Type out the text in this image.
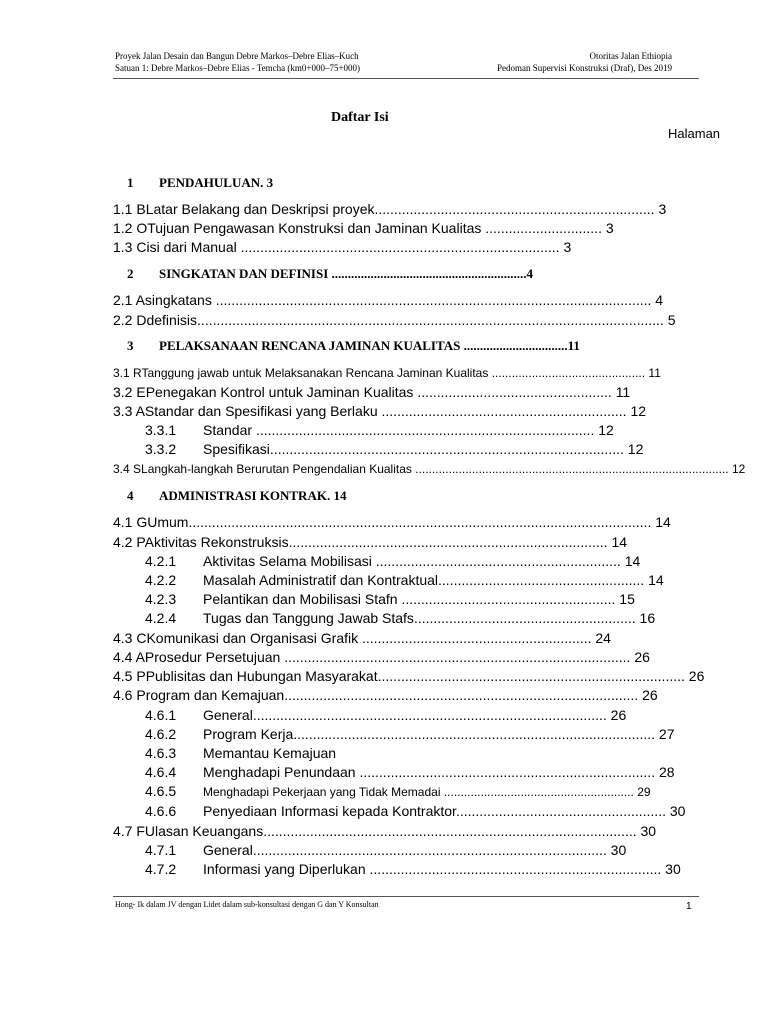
Proyek Jalan Desain dan Bangun Debre Markos–Debre Elias–Kuch
Satuan 1: Debre Markos–Debre Elias - Temcha (km0+000–75+000)
Otoritas Jalan Ethiopia
Pedoman Supervisi Konstruksi (Draf), Des 2019
Daftar Isi
Halaman
1 PENDAHULUAN. 3
1.1 BLatar Belakang dan Deskripsi proyek........................................................................ 3
1.2 OTujuan Pengawasan Konstruksi dan Jaminan Kualitas .............................. 3
1.3 Cisi dari Manual .................................................................................. 3
2 SINGKATAN DAN DEFINISI ............................................................4
2.1 Asingkatans ................................................................................................................ 4
2.2 Ddefinisis........................................................................................................................ 5
3 PELAKSANAAN RENCANA JAMINAN KUALITAS ................................11
3.1 RTanggung jawab untuk Melaksanakan Rencana Jaminan Kualitas .............................................. 11
3.2 EPenegakan Kontrol untuk Jaminan Kualitas .................................................. 11
3.3 AStandar dan Spesifikasi yang Berlaku ............................................................... 12
3.3.1 Standar ....................................................................................... 12
3.3.2 Spesifikasi........................................................................................... 12
3.4 SLangkah-langkah Berurutan Pengendalian Kualitas .............................................................................................. 12
4 ADMINISTRASI KONTRAK. 14
4.1 GUmum....................................................................................................................... 14
4.2 PAktivitas Rekonstruksis.................................................................................. 14
4.2.1 Aktivitas Selama Mobilisasi ............................................................... 14
4.2.2 Masalah Administratif dan Kontraktual..................................................... 14
4.2.3 Pelantikan dan Mobilisasi Stafn ....................................................... 15
4.2.4 Tugas dan Tanggung Jawab Stafs......................................................... 16
4.3 CKomunikasi dan Organisasi Grafik ........................................................... 24
4.4 AProsedur Persetujuan ......................................................................................... 26
4.5 PPublisitas dan Hubungan Masyarakat............................................................................... 26
4.6 Program dan Kemajuan........................................................................................... 26
4.6.1 General........................................................................................... 26
4.6.2 Program Kerja............................................................................................. 27
4.6.3 Memantau Kemajuan
4.6.4 Menghadapi Penundaan ............................................................................ 28
4.6.5 Menghadapi Pekerjaan yang Tidak Memadai ......................................................... 29
4.6.6 Penyediaan Informasi kepada Kontraktor...................................................... 30
4.7 FUlasan Keuangans................................................................................................ 30
4.7.1 General........................................................................................... 30
4.7.2 Informasi yang Diperlukan ........................................................................... 30
Hong- Ik dalam JV dengan Lidet dalam sub-konsultasi dengan G dan Y Konsultan	1
